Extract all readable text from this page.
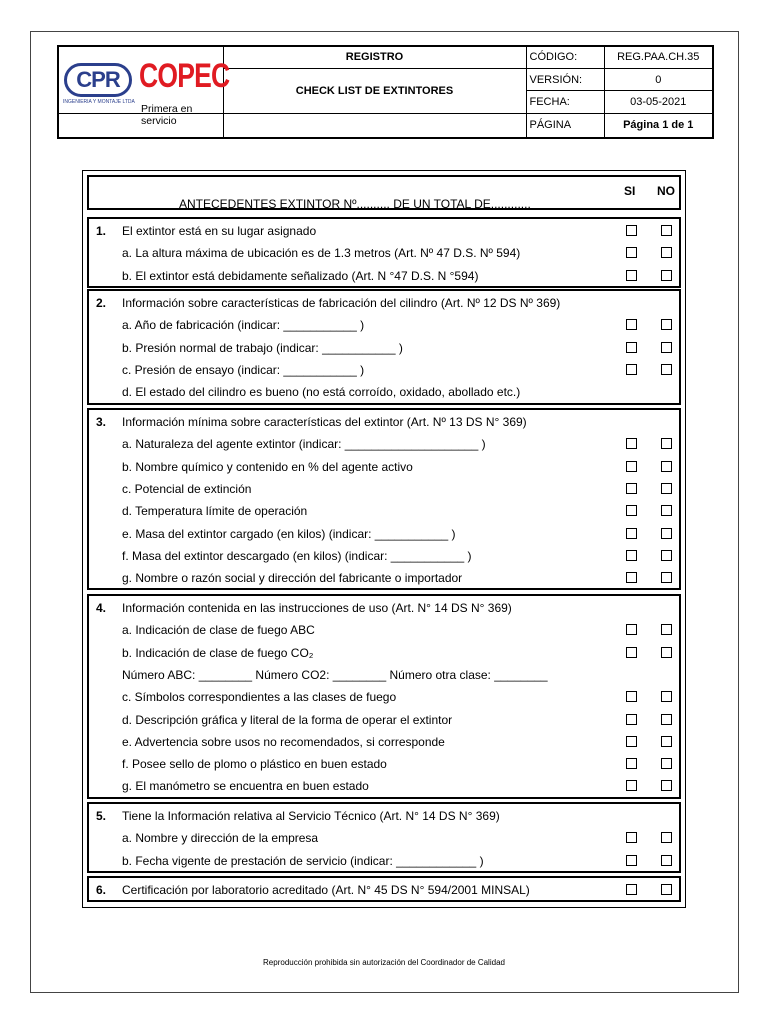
CPR
INGENIERIA Y MONTAJE LTDA
COPEC
Primera en servicio	REGISTRO	CÓDIGO:	REG.PAA.CH.35
	CHECK LIST DE EXTINTORES	VERSIÓN:	0
		FECHA:	03-05-2021
		PÁGINA	Página 1 de 1
ANTECEDENTES EXTINTOR Nº.......... DE UN TOTAL DE............
SI NO
1. El extintor está en su lugar asignado
a. La altura máxima de ubicación es de 1.3 metros (Art. Nº 47 D.S. Nº 594)
b. El extintor está debidamente señalizado (Art. N °47 D.S. N °594)
2. Información sobre características de fabricación del cilindro (Art. Nº 12 DS Nº 369)
a. Año de fabricación (indicar: ___________ )
b. Presión normal de trabajo (indicar: ___________ )
c. Presión de ensayo (indicar: ___________ )
d. El estado del cilindro es bueno (no está corroído, oxidado, abollado etc.)
3. Información mínima sobre características del extintor (Art. Nº 13 DS N° 369)
a. Naturaleza del agente extintor (indicar: ____________________ )
b. Nombre químico y contenido en % del agente activo
c. Potencial de extinción
d. Temperatura límite de operación
e. Masa del extintor cargado (en kilos) (indicar: ___________ )
f. Masa del extintor descargado (en kilos) (indicar: ___________ )
g. Nombre o razón social y dirección del fabricante o importador
4. Información contenida en las instrucciones de uso (Art. N° 14 DS N° 369)
a. Indicación de clase de fuego ABC
b. Indicación de clase de fuego CO₂
Número ABC: ________ Número CO2: ________ Número otra clase: ________
c. Símbolos correspondientes a las clases de fuego
d. Descripción gráfica y literal de la forma de operar el extintor
e. Advertencia sobre usos no recomendados, si corresponde
f. Posee sello de plomo o plástico en buen estado
g. El manómetro se encuentra en buen estado
5. Tiene la Información relativa al Servicio Técnico (Art. N° 14 DS N° 369)
a. Nombre y dirección de la empresa
b. Fecha vigente de prestación de servicio (indicar: ____________ )
6. Certificación por laboratorio acreditado (Art. N° 45 DS N° 594/2001 MINSAL)
Reproducción prohibida sin autorización del Coordinador de Calidad
